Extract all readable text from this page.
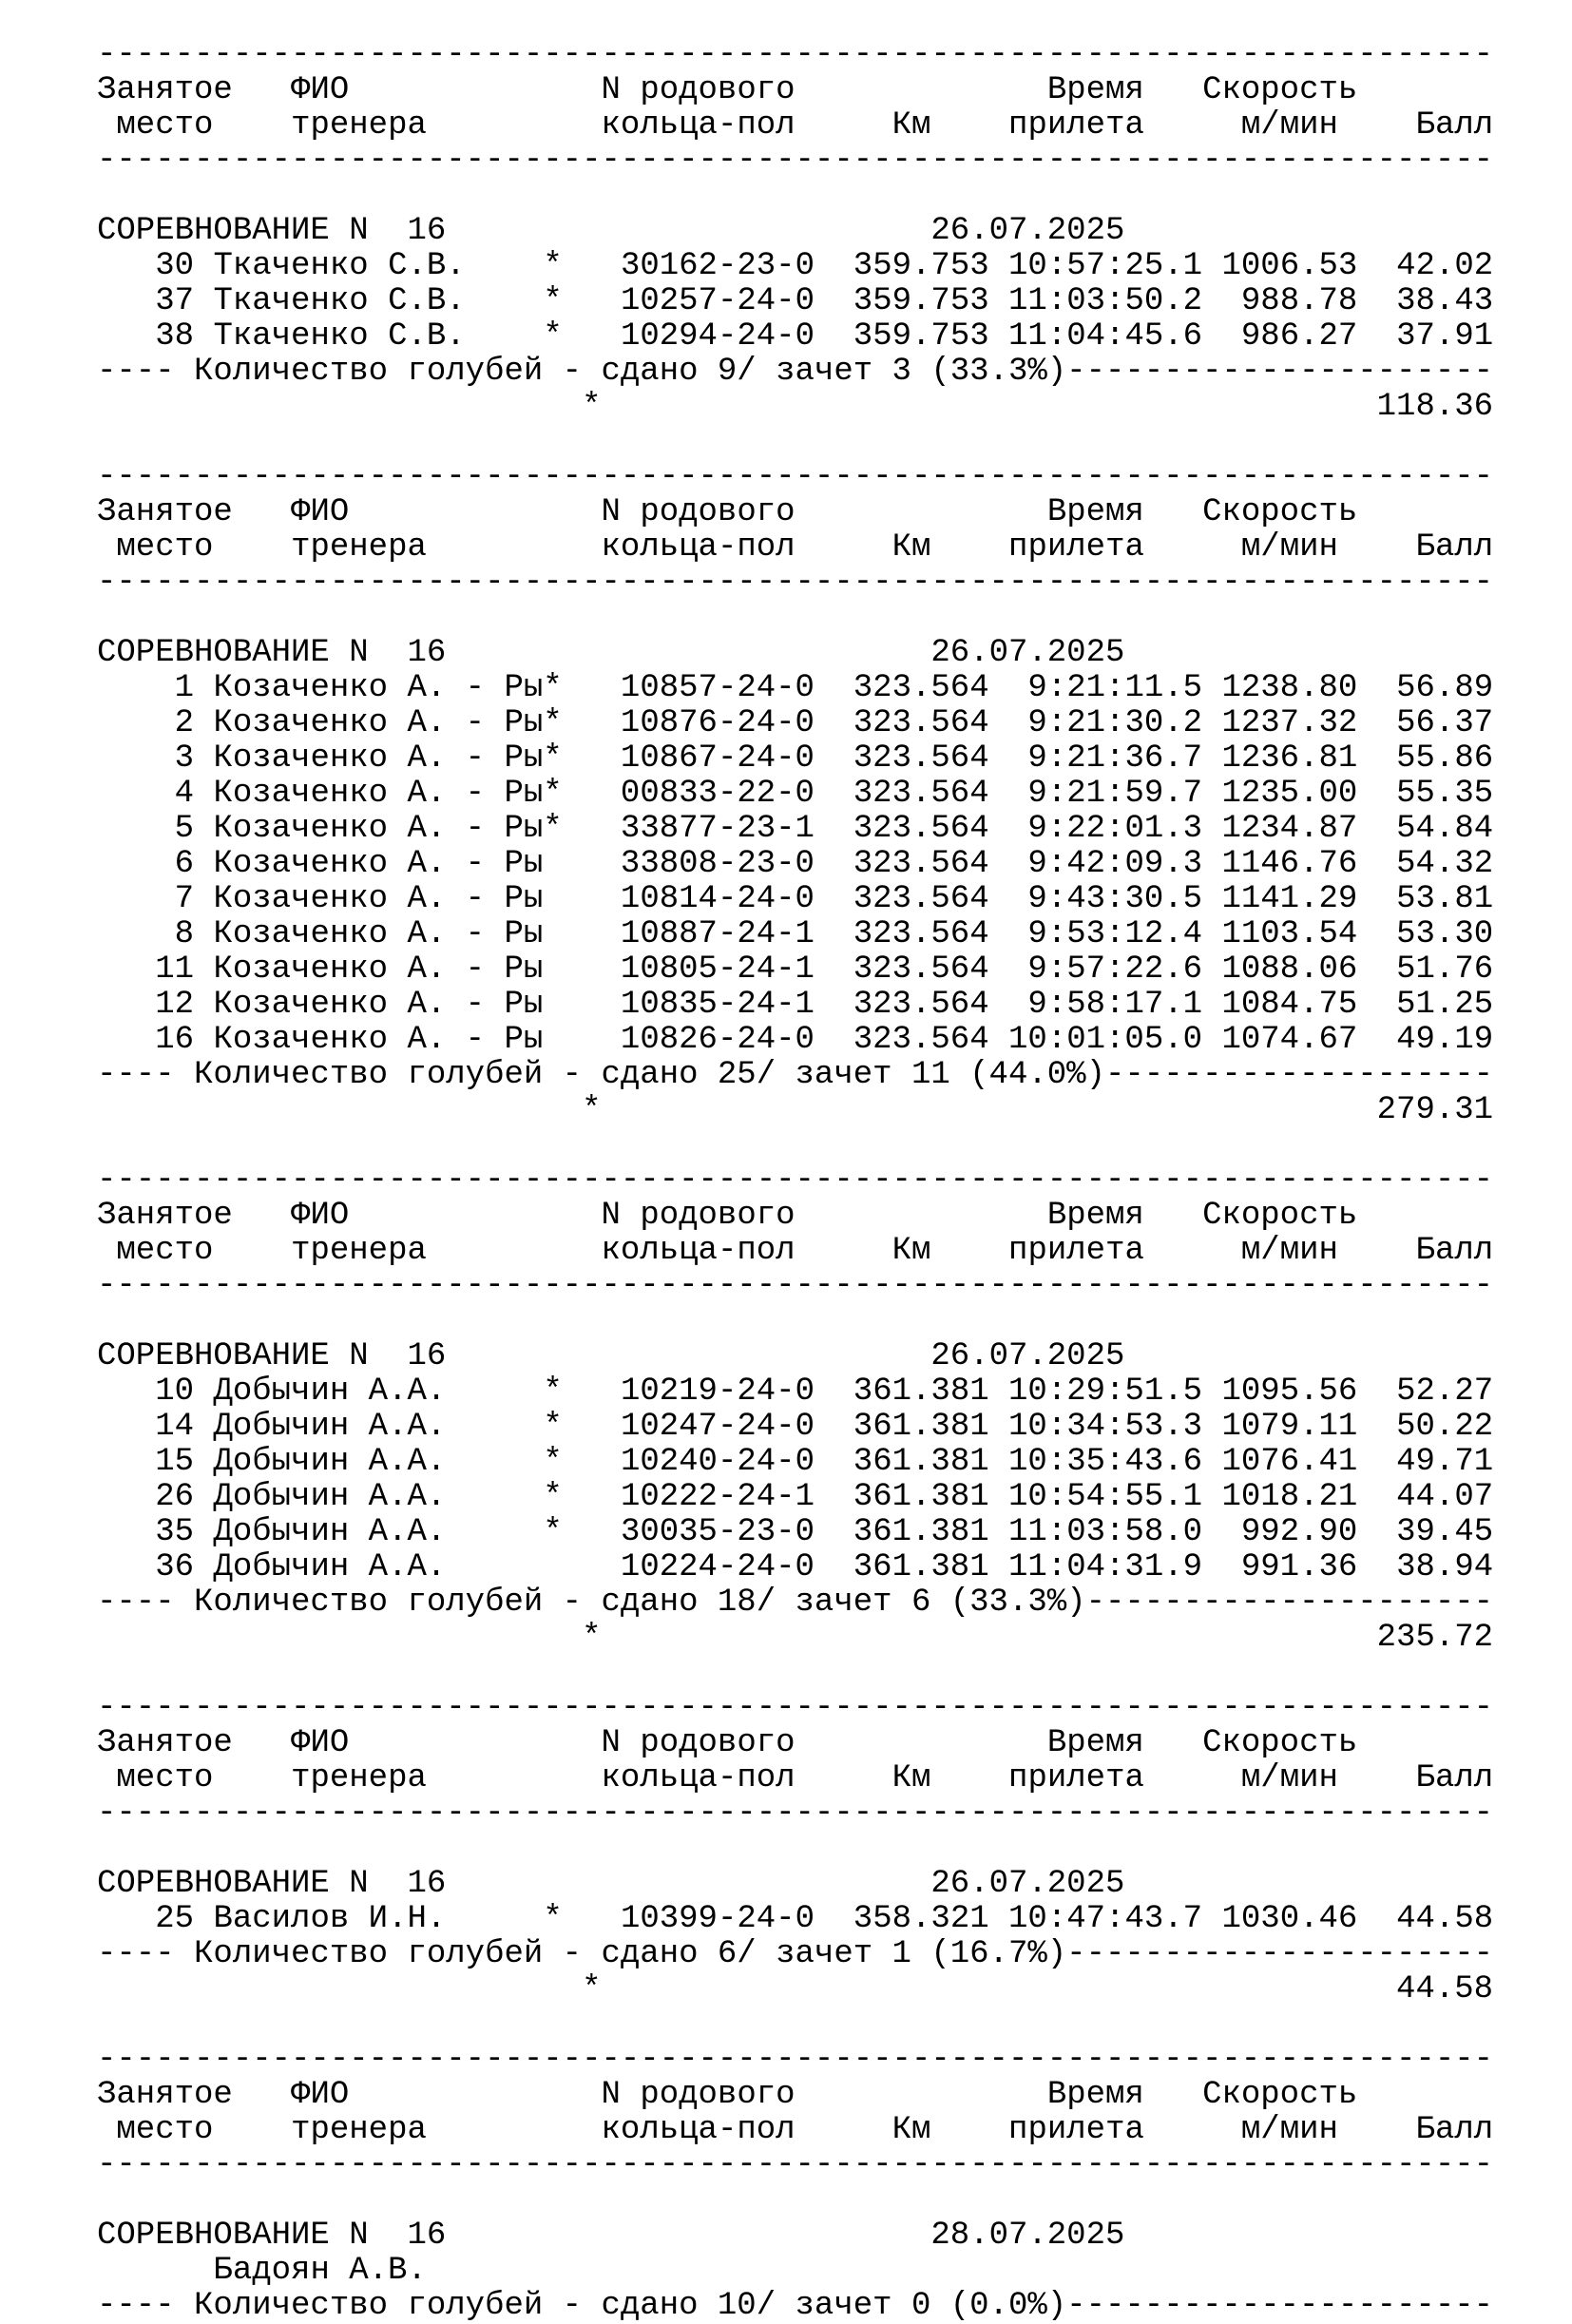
------------------------------------------------------------------------
Занятое ФИО	N родового	Время Скорость
место тренера	кольца-пол	Км прилета	м/мин Балл
------------------------------------------------------------------------

СОРЕВНОВАНИЕ N  16	26.07.2025
30 Ткаченко С.В. * 30162-23-0 359.753 10:57:25.1 1006.53 42.02
37 Ткаченко С.В. * 10257-24-0 359.753 11:03:50.2 988.78 38.43
38 Ткаченко С.В. * 10294-24-0 359.753 11:04:45.6 986.27 37.91
---- Количество голубей - сдано 9/ зачет 3 (33.3%)----------------------
*	118.36

------------------------------------------------------------------------
Занятое ФИО	N родового	Время Скорость
место тренера	кольца-пол	Км прилета	м/мин Балл
------------------------------------------------------------------------

СОРЕВНОВАНИЕ N  16	26.07.2025
1 Козаченко А. - Ры* 10857-24-0 323.564 9:21:11.5 1238.80 56.89
2 Козаченко А. - Ры* 10876-24-0 323.564 9:21:30.2 1237.32 56.37
3 Козаченко А. - Ры* 10867-24-0 323.564 9:21:36.7 1236.81 55.86
4 Козаченко А. - Ры* 00833-22-0 323.564 9:21:59.7 1235.00 55.35
5 Козаченко А. - Ры* 33877-23-1 323.564 9:22:01.3 1234.87 54.84
6 Козаченко А. - Ры 33808-23-0 323.564 9:42:09.3 1146.76 54.32
7 Козаченко А. - Ры 10814-24-0 323.564 9:43:30.5 1141.29 53.81
8 Козаченко А. - Ры 10887-24-1 323.564 9:53:12.4 1103.54 53.30
11 Козаченко А. - Ры 10805-24-1 323.564 9:57:22.6 1088.06 51.76
12 Козаченко А. - Ры 10835-24-1 323.564 9:58:17.1 1084.75 51.25
16 Козаченко А. - Ры 10826-24-0 323.564 10:01:05.0 1074.67 49.19
---- Количество голубей - сдано 25/ зачет 11 (44.0%)--------------------
*	279.31

------------------------------------------------------------------------
Занятое ФИО	N родового	Время Скорость
место тренера	кольца-пол	Км прилета	м/мин Балл
------------------------------------------------------------------------

СОРЕВНОВАНИЕ N  16	26.07.2025
10 Добычин А.А.	* 10219-24-0 361.381 10:29:51.5 1095.56 52.27
14 Добычин А.А.	* 10247-24-0 361.381 10:34:53.3 1079.11 50.22
15 Добычин А.А.	* 10240-24-0 361.381 10:35:43.6 1076.41 49.71
26 Добычин А.А.	* 10222-24-1 361.381 10:54:55.1 1018.21 44.07
35 Добычин А.А.	* 30035-23-0 361.381 11:03:58.0 992.90 39.45
36 Добычин А.А.	10224-24-0 361.381 11:04:31.9 991.36 38.94
---- Количество голубей - сдано 18/ зачет 6 (33.3%)---------------------
*	235.72

------------------------------------------------------------------------
Занятое ФИО	N родового	Время Скорость
место тренера	кольца-пол	Км прилета	м/мин Балл
------------------------------------------------------------------------

СОРЕВНОВАНИЕ N  16	26.07.2025
25 Василов И.Н.	* 10399-24-0 358.321 10:47:43.7 1030.46 44.58
---- Количество голубей - сдано 6/ зачет 1 (16.7%)----------------------
*	44.58

------------------------------------------------------------------------
Занятое ФИО	N родового	Время Скорость
место тренера	кольца-пол	Км прилета	м/мин Балл
------------------------------------------------------------------------

СОРЕВНОВАНИЕ N  16	28.07.2025
Бадоян А.В.
---- Количество голубей - сдано 10/ зачет 0 (0.0%)----------------------
